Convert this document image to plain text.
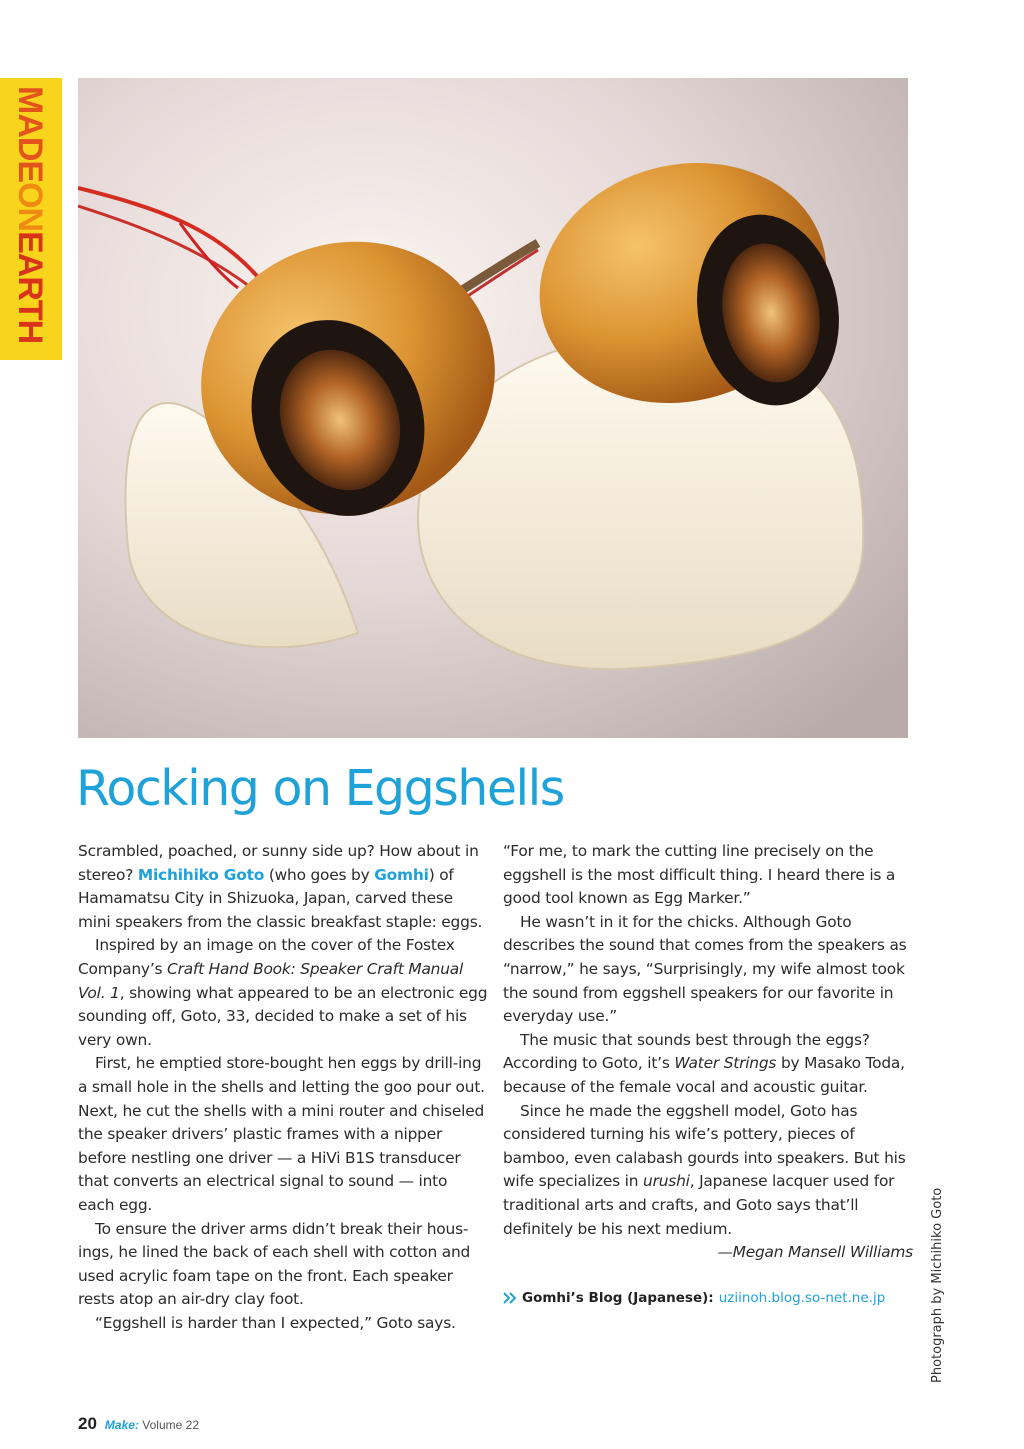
MADEONEARTH
Rocking on Eggshells

Scrambled, poached, or sunny side up? How about in stereo? Michihiko Goto (who goes by Gomhi) of Hamamatsu City in Shizuoka, Japan, carved these mini speakers from the classic breakfast staple: eggs.

Inspired by an image on the cover of the Fostex Company’s Craft Hand Book: Speaker Craft Manual Vol. 1, showing what appeared to be an electronic egg sounding off, Goto, 33, decided to make a set of his very own.

First, he emptied store-bought hen eggs by drill-ing a small hole in the shells and letting the goo pour out. Next, he cut the shells with a mini router and chiseled the speaker drivers’ plastic frames with a nipper before nestling one driver — a HiVi B1S transducer that converts an electrical signal to sound — into each egg.

To ensure the driver arms didn’t break their hous-ings, he lined the back of each shell with cotton and used acrylic foam tape on the front. Each speaker rests atop an air-dry clay foot.

“Eggshell is harder than I expected,” Goto says.

“For me, to mark the cutting line precisely on the eggshell is the most difficult thing. I heard there is a good tool known as Egg Marker.”

He wasn’t in it for the chicks. Although Goto describes the sound that comes from the speakers as “narrow,” he says, “Surprisingly, my wife almost took the sound from eggshell speakers for our favorite in everyday use.”

The music that sounds best through the eggs? According to Goto, it’s Water Strings by Masako Toda, because of the female vocal and acoustic guitar.

Since he made the eggshell model, Goto has considered turning his wife’s pottery, pieces of bamboo, even calabash gourds into speakers. But his wife specializes in urushi, Japanese lacquer used for traditional arts and crafts, and Goto says that’ll definitely be his next medium.

—Megan Mansell Williams

Gomhi’s Blog (Japanese): uziinoh.blog.so-net.ne.jp	Photograph by Michihiko Goto
20 Make: Volume 22
